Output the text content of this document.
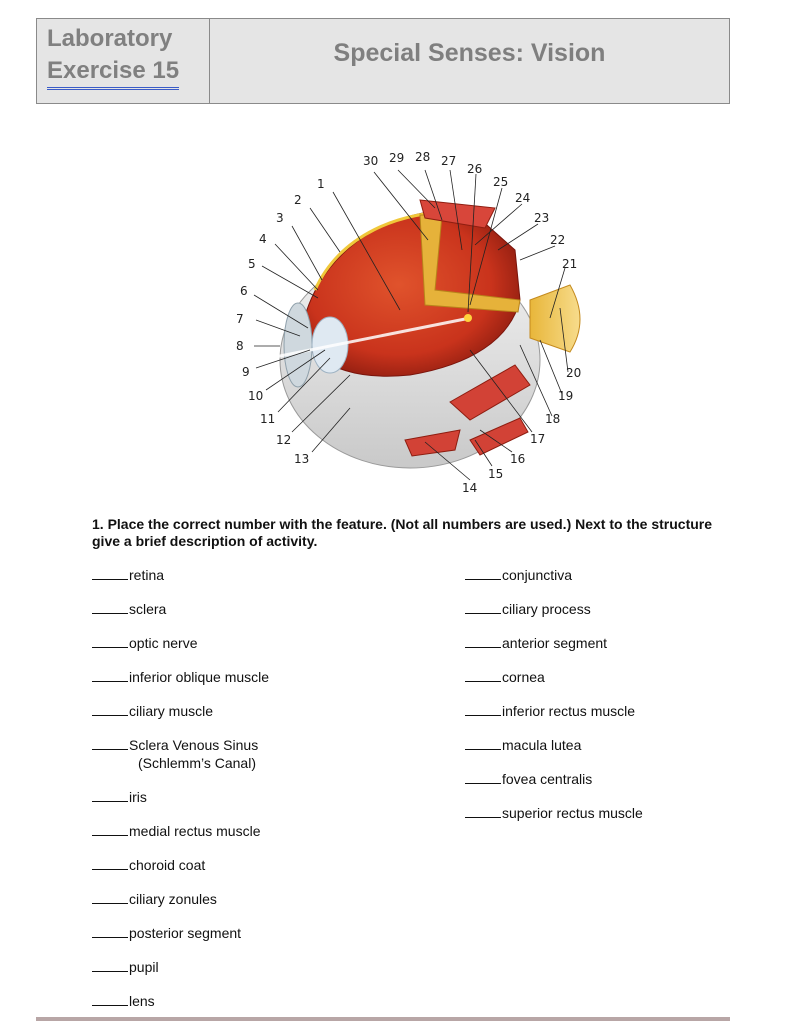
Laboratory
Exercise 15
Special Senses: Vision
1
2
3
4
5
6
7
8
9
10
11
12
13
14
15
16
17
18
19
20
21
22
23
24
25
26
27
28
29
30
1. Place the correct number with the feature. (Not all numbers are used.) Next to the structure give a brief description of activity.
retina
sclera
optic nerve
inferior oblique muscle
ciliary muscle
Sclera Venous Sinus
(Schlemm’s Canal)
iris
medial rectus muscle
choroid coat
ciliary zonules
posterior segment
pupil
lens
conjunctiva
ciliary process
anterior segment
cornea
inferior rectus muscle
macula lutea
fovea centralis
superior rectus muscle
